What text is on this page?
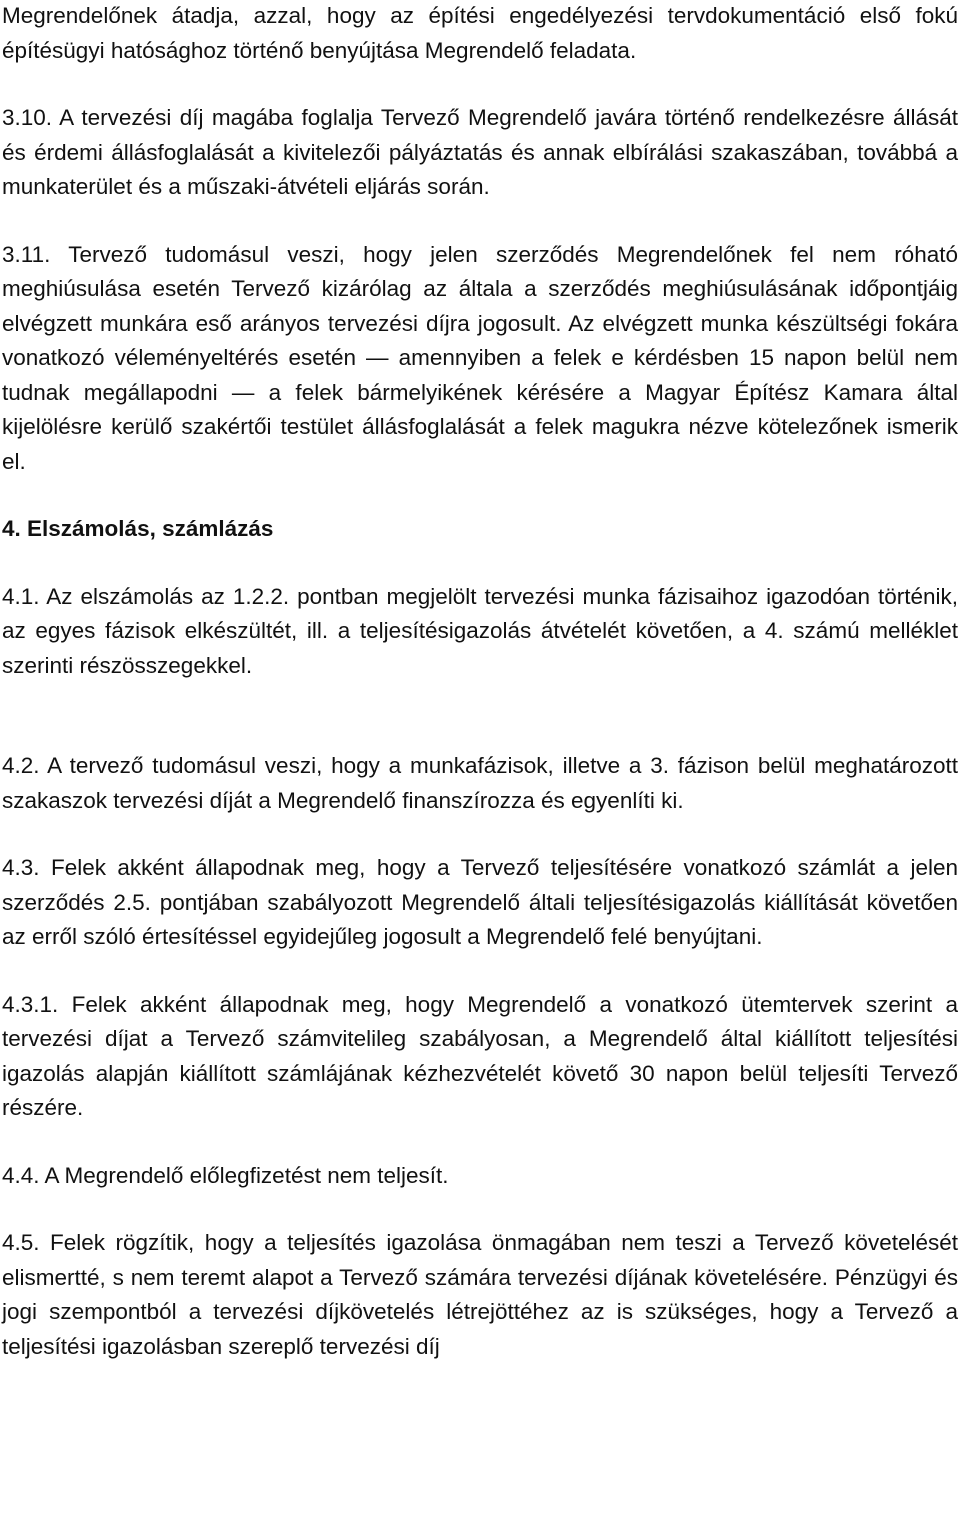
Megrendelőnek átadja, azzal, hogy az építési engedélyezési tervdokumentáció első fokú építésügyi hatósághoz történő benyújtása Megrendelő feladata.

3.10. A tervezési díj magába foglalja Tervező Megrendelő javára történő rendelkezésre állását és érdemi állásfoglalását a kivitelezői pályáztatás és annak elbírálási szakaszában, továbbá a munkaterület és a műszaki-átvételi eljárás során.

3.11. Tervező tudomásul veszi, hogy jelen szerződés Megrendelőnek fel nem róható meghiúsulása esetén Tervező kizárólag az általa a szerződés meghiúsulásának időpontjáig elvégzett munkára eső arányos tervezési díjra jogosult. Az elvégzett munka készültségi fokára vonatkozó véleményeltérés esetén — amennyiben a felek e kérdésben 15 napon belül nem tudnak megállapodni — a felek bármelyikének kérésére a Magyar Építész Kamara által kijelölésre kerülő szakértői testület állásfoglalását a felek magukra nézve kötelezőnek ismerik el.

4. Elszámolás, számlázás

4.1. Az elszámolás az 1.2.2. pontban megjelölt tervezési munka fázisaihoz igazodóan történik, az egyes fázisok elkészültét, ill. a teljesítésigazolás átvételét követően, a 4. számú melléklet szerinti részösszegekkel.

4.2. A tervező tudomásul veszi, hogy a munkafázisok, illetve a 3. fázison belül meghatározott szakaszok tervezési díját a Megrendelő finanszírozza és egyenlíti ki.

4.3. Felek akként állapodnak meg, hogy a Tervező teljesítésére vonatkozó számlát a jelen szerződés 2.5. pontjában szabályozott Megrendelő általi teljesítésigazolás kiállítását követően az erről szóló értesítéssel egyidejűleg jogosult a Megrendelő felé benyújtani.

4.3.1. Felek akként állapodnak meg, hogy Megrendelő a vonatkozó ütemtervek szerint a tervezési díjat a Tervező számvitelileg szabályosan, a Megrendelő által kiállított teljesítési igazolás alapján kiállított számlájának kézhezvételét követő 30 napon belül teljesíti Tervező részére.

4.4. A Megrendelő előlegfizetést nem teljesít.

4.5. Felek rögzítik, hogy a teljesítés igazolása önmagában nem teszi a Tervező követelését elismertté, s nem teremt alapot a Tervező számára tervezési díjának követelésére. Pénzügyi és jogi szempontból a tervezési díjkövetelés létrejöttéhez az is szükséges, hogy a Tervező a teljesítési igazolásban szereplő tervezési díj
